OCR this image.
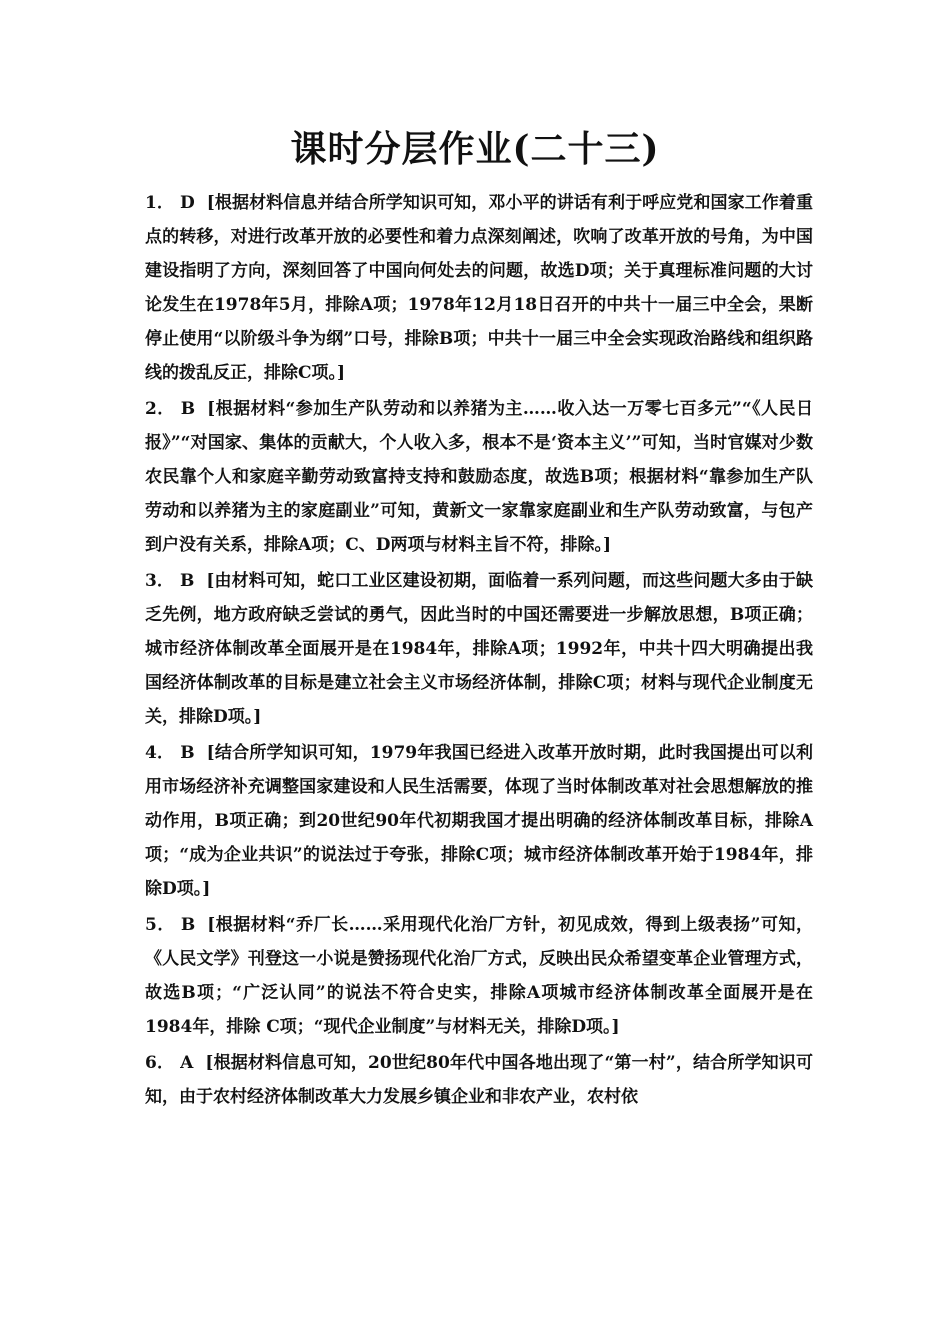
课时分层作业(二十三)

1． D [根据材料信息并结合所学知识可知，邓小平的讲话有利于呼应党和国家工作着重点的转移，对进行改革开放的必要性和着力点深刻阐述，吹响了改革开放的号角，为中国建设指明了方向，深刻回答了中国向何处去的问题，故选D项；关于真理标准问题的大讨论发生在1978年5月，排除A项；1978年12月18日召开的中共十一届三中全会，果断停止使用“以阶级斗争为纲”口号，排除B项；中共十一届三中全会实现政治路线和组织路线的拨乱反正，排除C项。]

2． B [根据材料“参加生产队劳动和以养猪为主……收入达一万零七百多元”“《人民日报》”“对国家、集体的贡献大，个人收入多，根本不是‘资本主义’”可知，当时官媒对少数农民靠个人和家庭辛勤劳动致富持支持和鼓励态度，故选B项；根据材料“靠参加生产队劳动和以养猪为主的家庭副业”可知，黄新文一家靠家庭副业和生产队劳动致富，与包产到户没有关系，排除A项；C、D两项与材料主旨不符，排除。]

3． B [由材料可知，蛇口工业区建设初期，面临着一系列问题，而这些问题大多由于缺乏先例，地方政府缺乏尝试的勇气，因此当时的中国还需要进一步解放思想，B项正确；城市经济体制改革全面展开是在1984年，排除A项；1992年，中共十四大明确提出我国经济体制改革的目标是建立社会主义市场经济体制，排除C项；材料与现代企业制度无关，排除D项。]

4． B [结合所学知识可知，1979年我国已经进入改革开放时期，此时我国提出可以利用市场经济补充调整国家建设和人民生活需要，体现了当时体制改革对社会思想解放的推动作用，B项正确；到20世纪90年代初期我国才提出明确的经济体制改革目标，排除A项；“成为企业共识”的说法过于夸张，排除C项；城市经济体制改革开始于1984年，排除D项。]

5． B [根据材料“乔厂长……采用现代化治厂方针，初见成效，得到上级表扬”可知，《人民文学》刊登这一小说是赞扬现代化治厂方式，反映出民众希望变革企业管理方式，故选B项；“广泛认同”的说法不符合史实，排除A项城市经济体制改革全面展开是在1984年，排除 C项；“现代企业制度”与材料无关，排除D项。]

6． A [根据材料信息可知，20世纪80年代中国各地出现了“第一村”，结合所学知识可知，由于农村经济体制改革大力发展乡镇企业和非农产业，农村依
